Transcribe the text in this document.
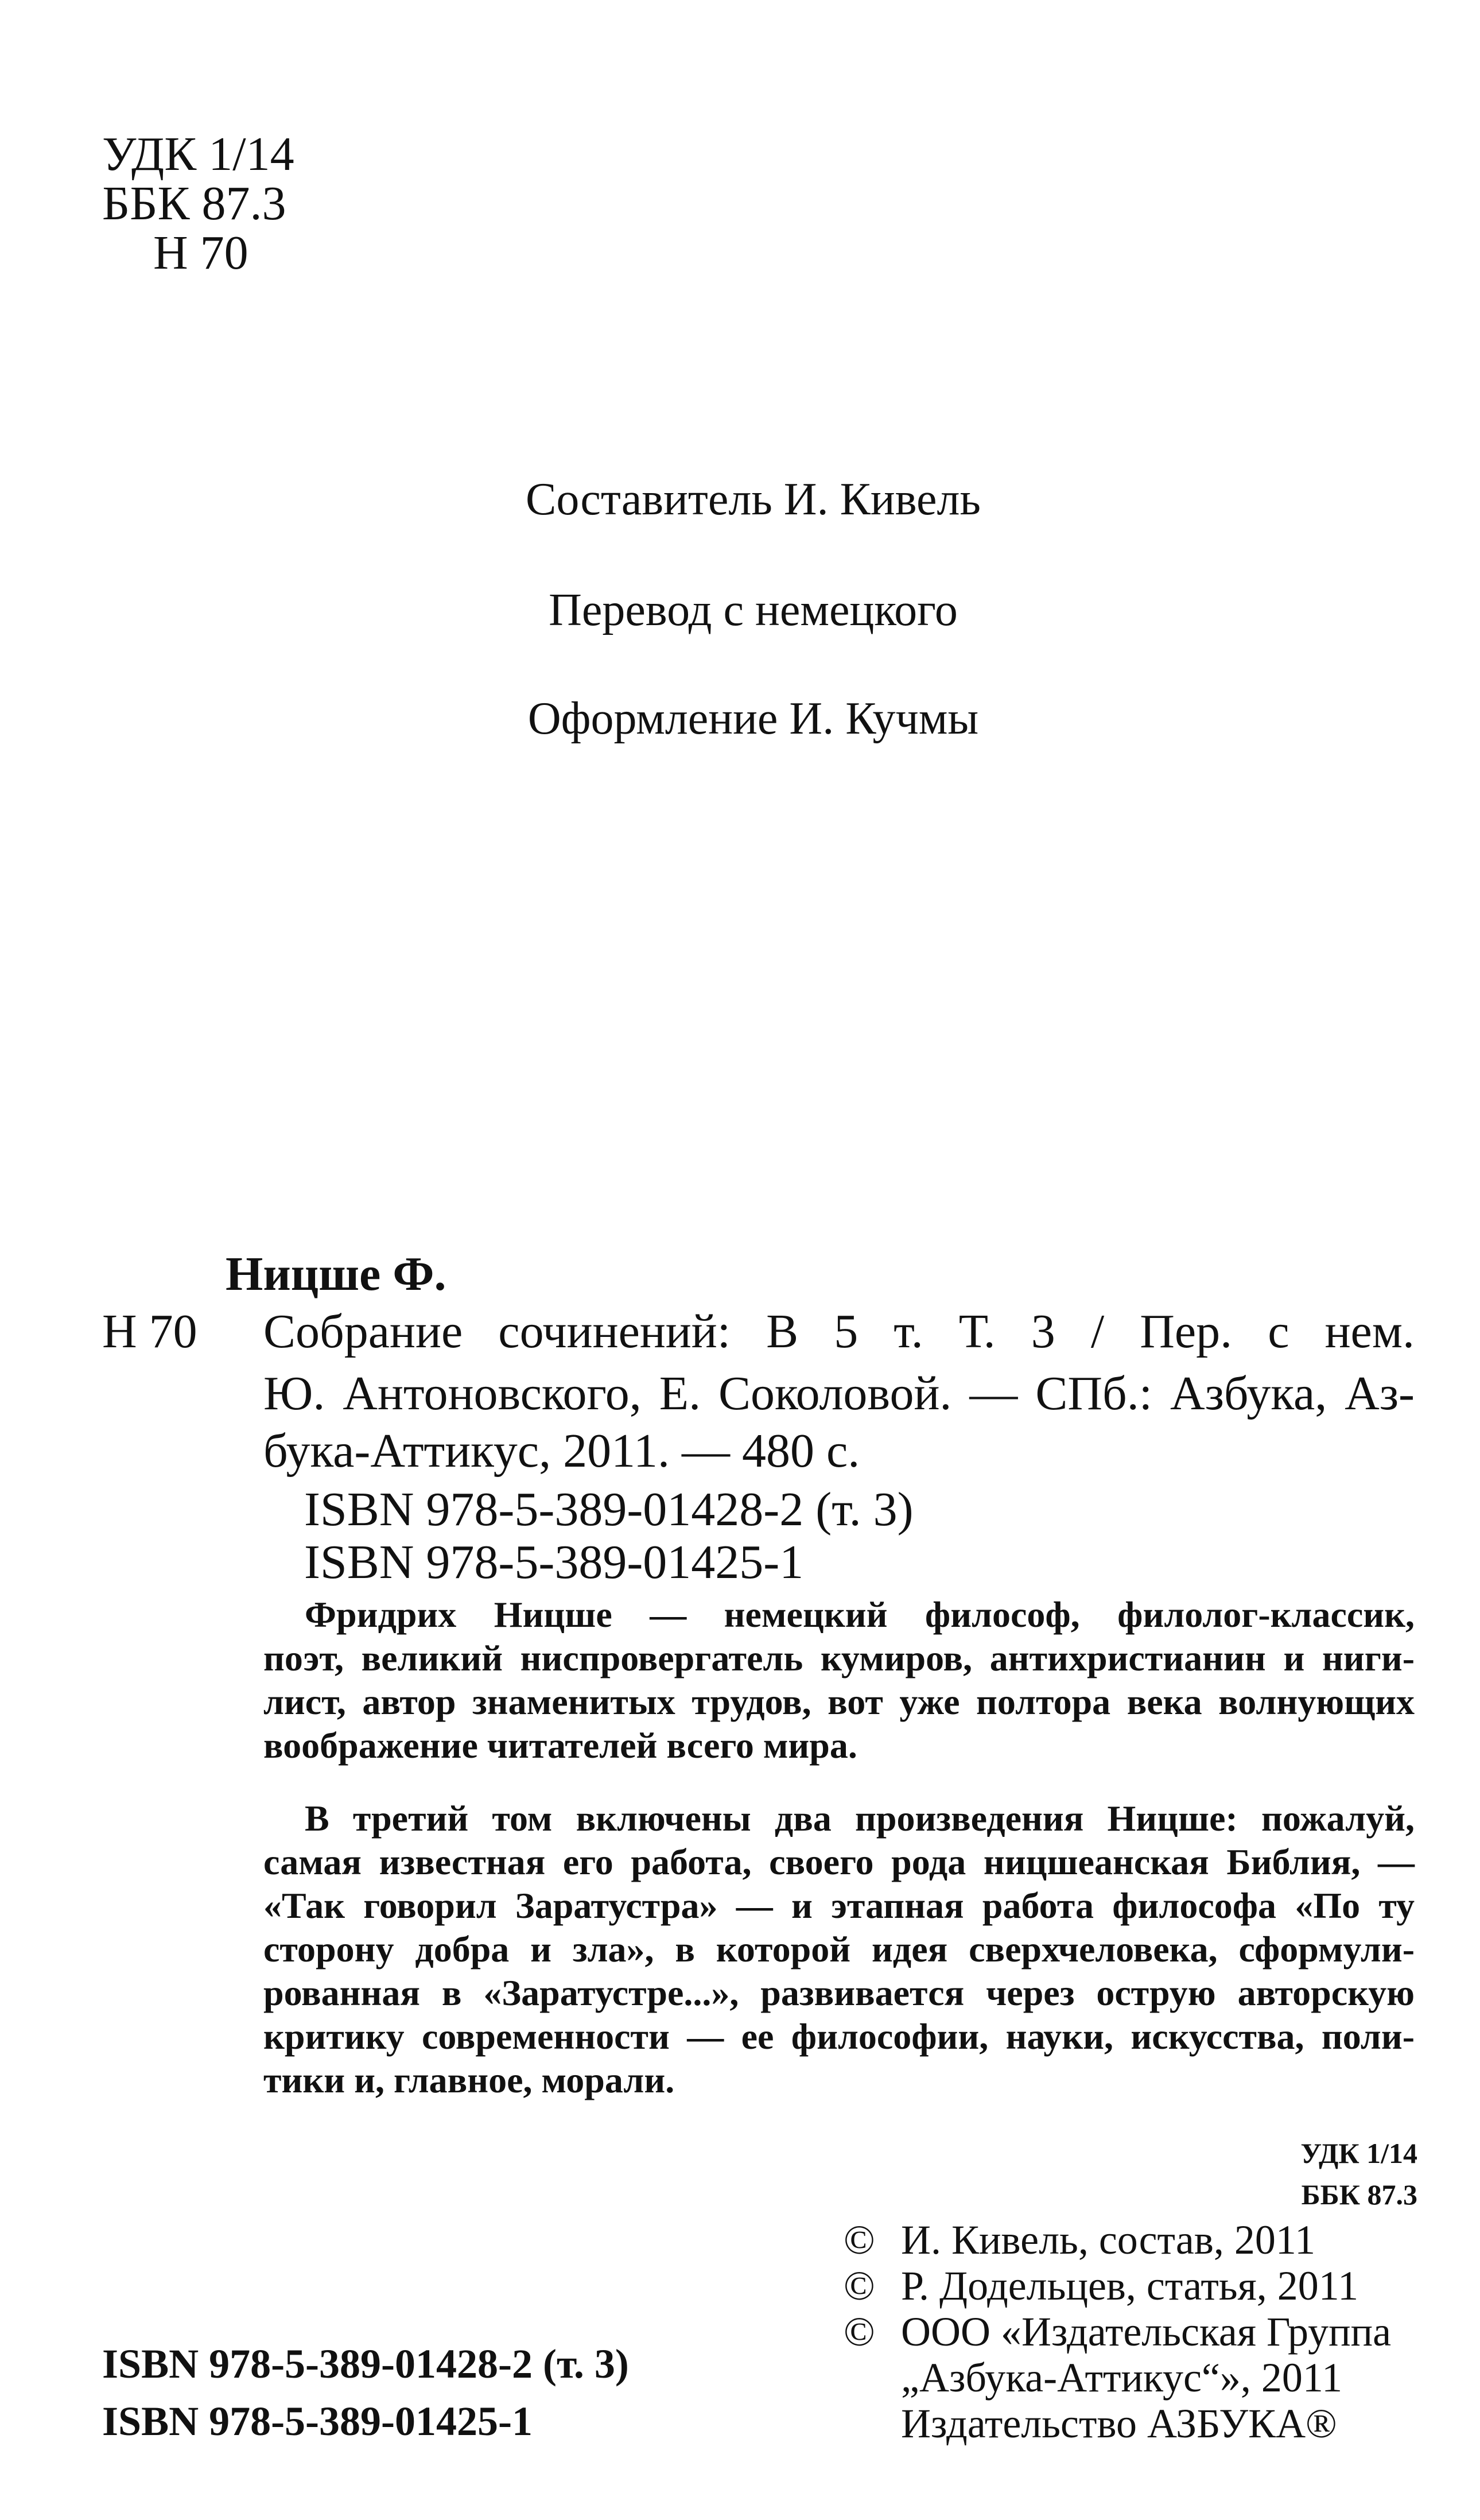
УДК 1/14
ББК 87.3
Н 70
Составитель И. Кивель
Перевод с немецкого
Оформление И. Кучмы
Ницше Ф.
Н 70 Собрание сочинений: В 5 т. Т. 3 / Пер. с нем.
Ю. Антоновского, Е. Соколовой. — СПб.: Азбука, Аз-
бука-Аттикус, 2011. — 480 с.
ISBN 978-5-389-01428-2 (т. 3)
ISBN 978-5-389-01425-1
Фридрих Ницше — немецкий философ, филолог-классик,
поэт, великий ниспровергатель кумиров, антихристианин и ниги-
лист, автор знаменитых трудов, вот уже полтора века волнующих
воображение читателей всего мира.
В третий том включены два произведения Ницше: пожалуй,
самая известная его работа, своего рода ницшеанская Библия, —
«Так говорил Заратустра» — и этапная работа философа «По ту
сторону добра и зла», в которой идея сверхчеловека, сформули-
рованная в «Заратустре...», развивается через острую авторскую
критику современности — ее философии, науки, искусства, поли-
тики и, главное, морали.
УДК 1/14
ББК 87.3
© И. Кивель, состав, 2011
© Р. Додельцев, статья, 2011
© ООО «Издательская Группа
„Азбука-Аттикус“», 2011
Издательство АЗБУКА®
ISBN 978-5-389-01428-2 (т. 3)
ISBN 978-5-389-01425-1
